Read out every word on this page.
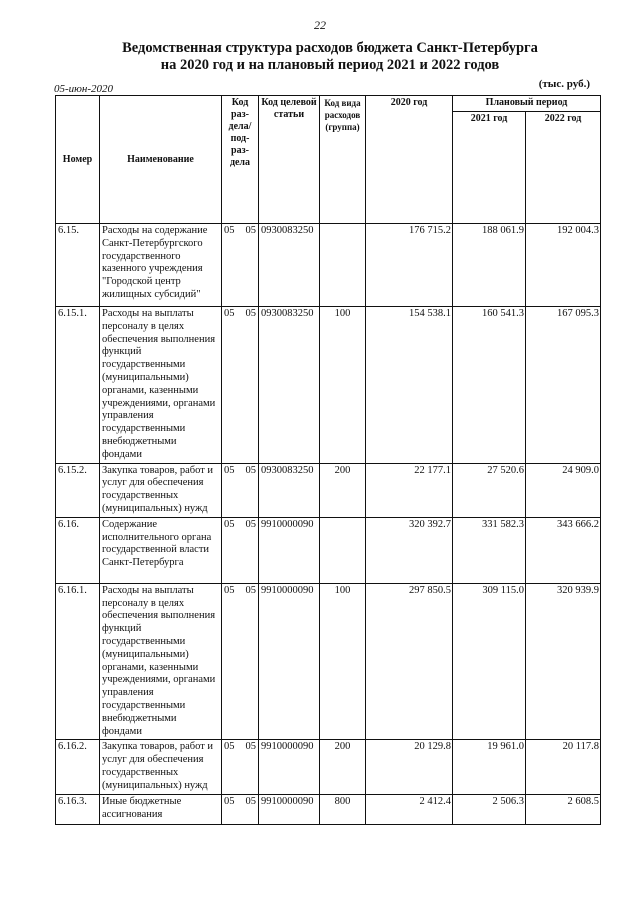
22
Ведомственная структура расходов бюджета Санкт-Петербурга
на 2020 год и на плановый период 2021 и 2022 годов
05-июн-2020	(тыс. руб.)
Номер	Наименование	Код раз- дела/ под- раз- дела	Код целевой статьи	Код вида расходов (группа)	2020 год	Плановый период	
						2021 год	2022 год
6.15.	Расходы на содержание Санкт-Петербургского государственного казенного учреждения "Городской центр жилищных субсидий"	05 05	0930083250		176 715.2	188 061.9	192 004.3
6.15.1.	Расходы на выплаты персоналу в целях обеспечения выполнения функций государственными (муниципальными) органами, казенными учреждениями, органами управления государственными внебюджетными фондами	05 05	0930083250	100	154 538.1	160 541.3	167 095.3
6.15.2.	Закупка товаров, работ и услуг для обеспечения государственных (муниципальных) нужд	05 05	0930083250	200	22 177.1	27 520.6	24 909.0
6.16.	Содержание исполнительного органа государственной власти Санкт-Петербурга	05 05	9910000090		320 392.7	331 582.3	343 666.2
6.16.1.	Расходы на выплаты персоналу в целях обеспечения выполнения функций государственными (муниципальными) органами, казенными учреждениями, органами управления государственными внебюджетными фондами	05 05	9910000090	100	297 850.5	309 115.0	320 939.9
6.16.2.	Закупка товаров, работ и услуг для обеспечения государственных (муниципальных) нужд	05 05	9910000090	200	20 129.8	19 961.0	20 117.8
6.16.3.	Иные бюджетные ассигнования	05 05	9910000090	800	2 412.4	2 506.3	2 608.5
